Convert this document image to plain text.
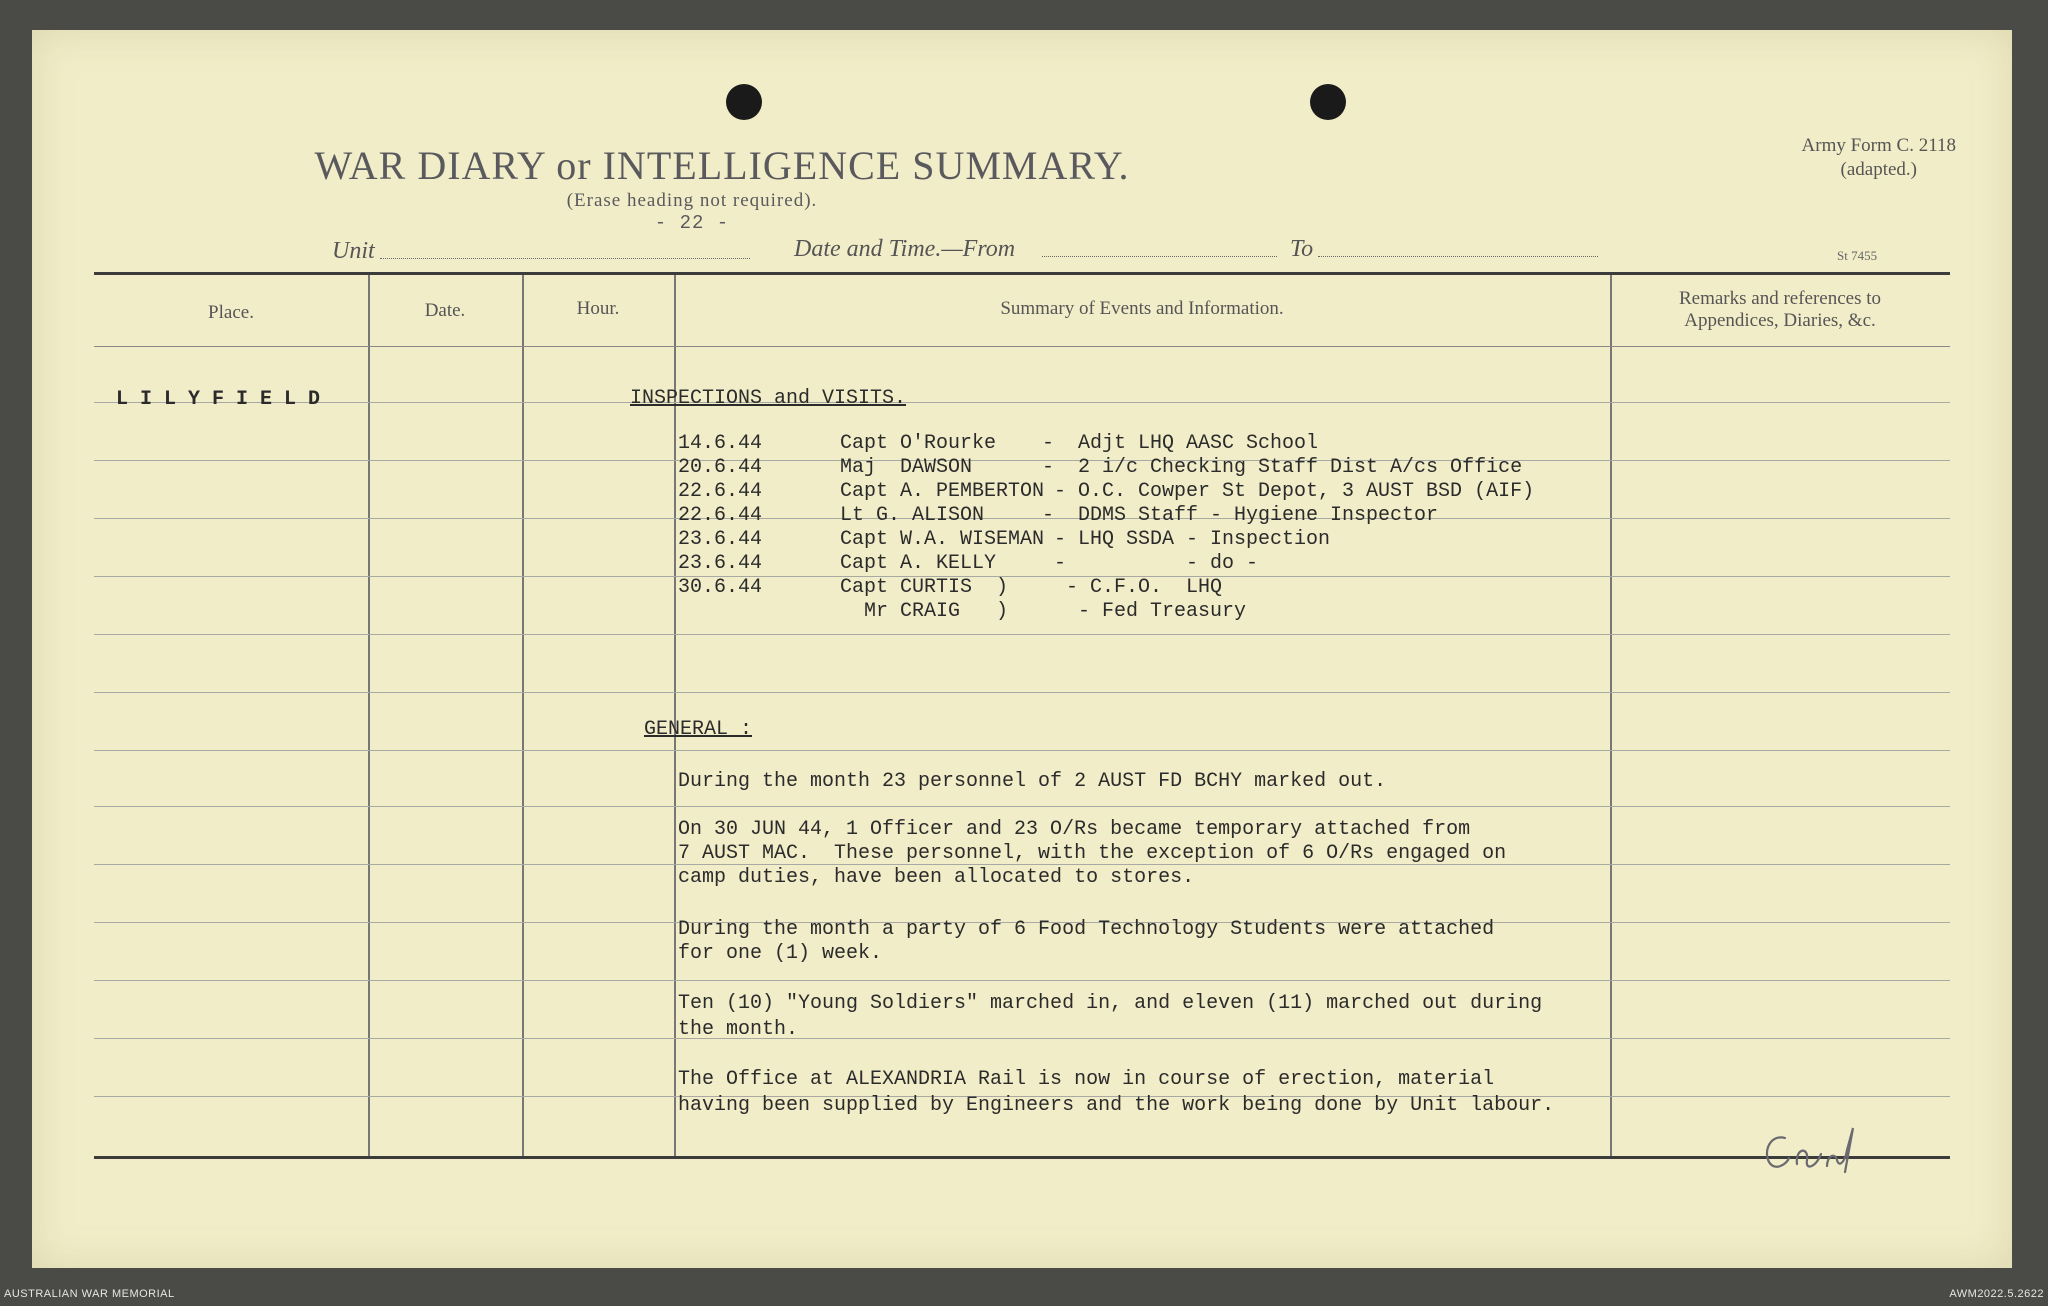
WAR DIARY or INTELLIGENCE SUMMARY.
(Erase heading not required).
- 22 -
Army Form C. 2118
(adapted.)
St 7455
Unit	Date and Time.—From	To
Place.	Date.	Hour.	Summary of Events and Information.	Remarks and references to
Appendices, Diaries, &c.
LILYFIELD	INSPECTIONS and VISITS.
14.6.44	Capt O'Rourke - Adjt LHQ AASC School
20.6.44	Maj  DAWSON	- 2 i/c Checking Staff Dist A/cs Office
22.6.44	Capt A. PEMBERTON - O.C. Cowper St Depot, 3 AUST BSD (AIF)
22.6.44	Lt G. ALISON	- DDMS Staff - Hygiene Inspector
23.6.44	Capt W.A. WISEMAN - LHQ SSDA - Inspection
23.6.44	Capt A. KELLY	- - do -
30.6.44	Capt CURTIS  )	- C.F.O.  LHQ
Mr CRAIG   )	- Fed Treasury
GENERAL :
During the month 23 personnel of 2 AUST FD BCHY marked out.
On 30 JUN 44, 1 Officer and 23 O/Rs became temporary attached from
7 AUST MAC.  These personnel, with the exception of 6 O/Rs engaged on
camp duties, have been allocated to stores.
During the month a party of 6 Food Technology Students were attached
for one (1) week.
Ten (10) "Young Soldiers" marched in, and eleven (11) marched out during
the month.
The Office at ALEXANDRIA Rail is now in course of erection, material
having been supplied by Engineers and the work being done by Unit labour.
AUSTRALIAN WAR MEMORIAL	AWM2022.5.2622
